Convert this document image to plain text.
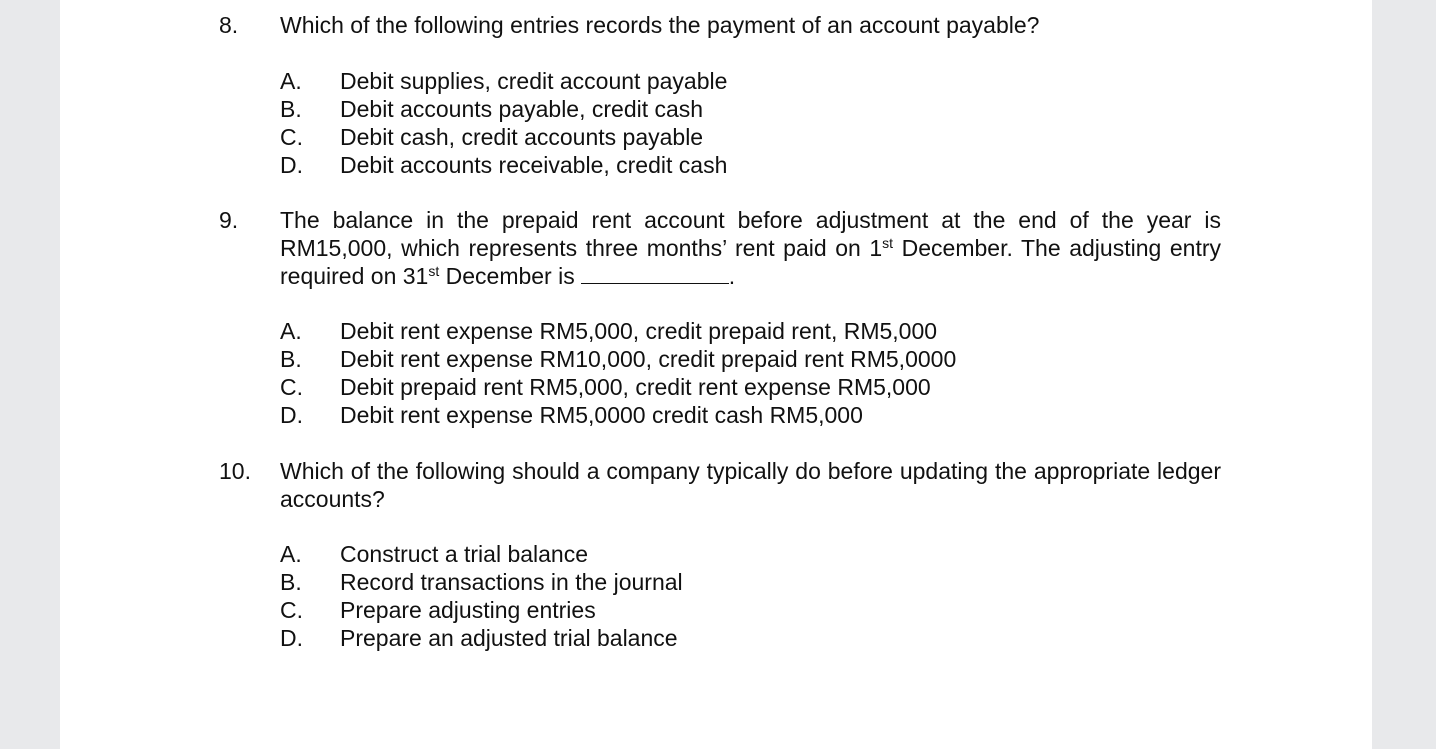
8. Which of the following entries records the payment of an account payable?

A. Debit supplies, credit account payable
B. Debit accounts payable, credit cash
C. Debit cash, credit accounts payable
D. Debit accounts receivable, credit cash
9. The balance in the prepaid rent account before adjustment at the end of the year is RM15,000, which represents three months’ rent paid on 1st December. The adjusting entry required on 31st December is	.

A. Debit rent expense RM5,000, credit prepaid rent, RM5,000
B. Debit rent expense RM10,000, credit prepaid rent RM5,0000
C. Debit prepaid rent RM5,000, credit rent expense RM5,000
D. Debit rent expense RM5,0000 credit cash RM5,000
10. Which of the following should a company typically do before updating the appropriate ledger accounts?

A. Construct a trial balance
B. Record transactions in the journal
C. Prepare adjusting entries
D. Prepare an adjusted trial balance
